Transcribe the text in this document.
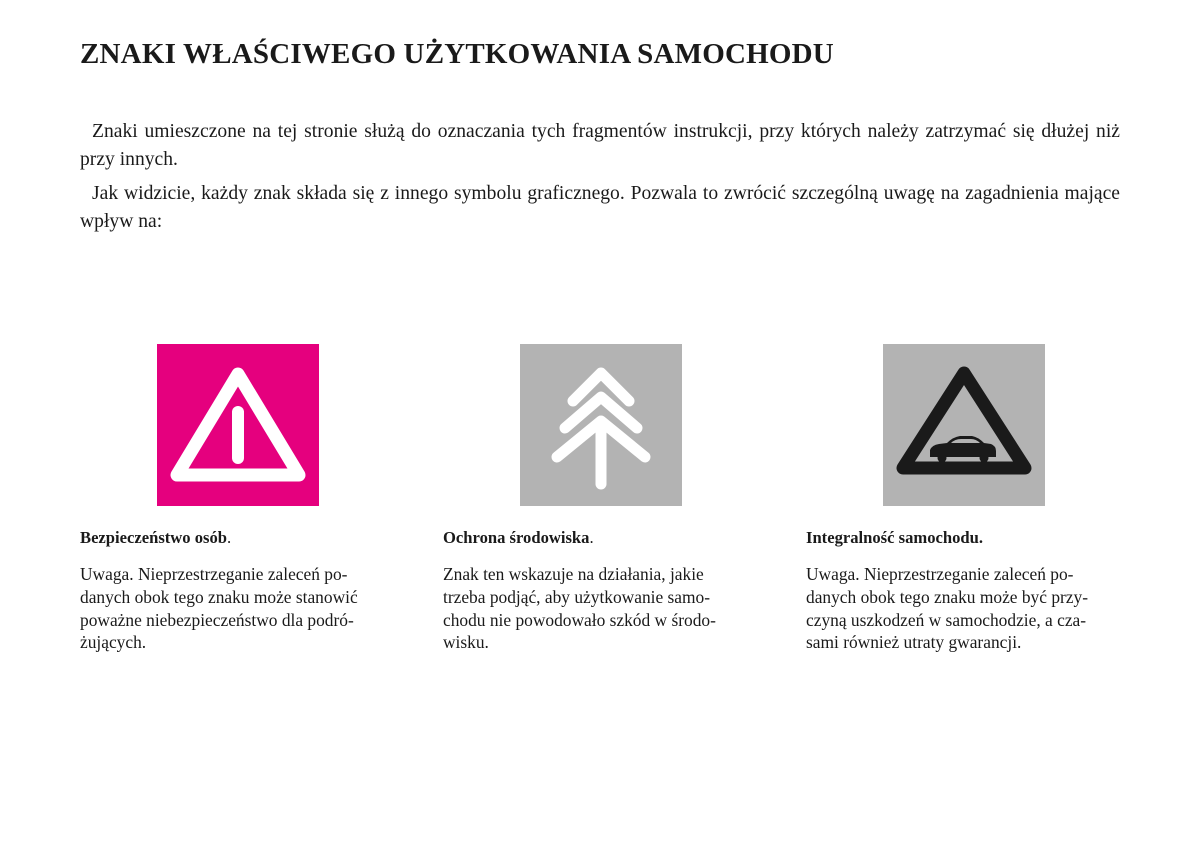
ZNAKI WŁAŚCIWEGO UŻYTKOWANIA SAMOCHODU

Znaki umieszczone na tej stronie służą do oznaczania tych fragmentów instrukcji, przy których należy zatrzymać się dłużej niż przy innych.

Jak widzicie, każdy znak składa się z innego symbolu graficznego. Pozwala to zwrócić szczególną uwagę na zagadnienia mające wpływ na:

Bezpieczeństwo osób.

Uwaga. Nieprzestrzeganie zaleceń po-
danych obok tego znaku może stanowić
poważne niebezpieczeństwo dla podró-
żujących.

Ochrona środowiska.

Znak ten wskazuje na działania, jakie
trzeba podjąć, aby użytkowanie samo-
chodu nie powodowało szkód w środo-
wisku.

Integralność samochodu.

Uwaga. Nieprzestrzeganie zaleceń po-
danych obok tego znaku może być przy-
czyną uszkodzeń w samochodzie, a cza-
sami również utraty gwarancji.
